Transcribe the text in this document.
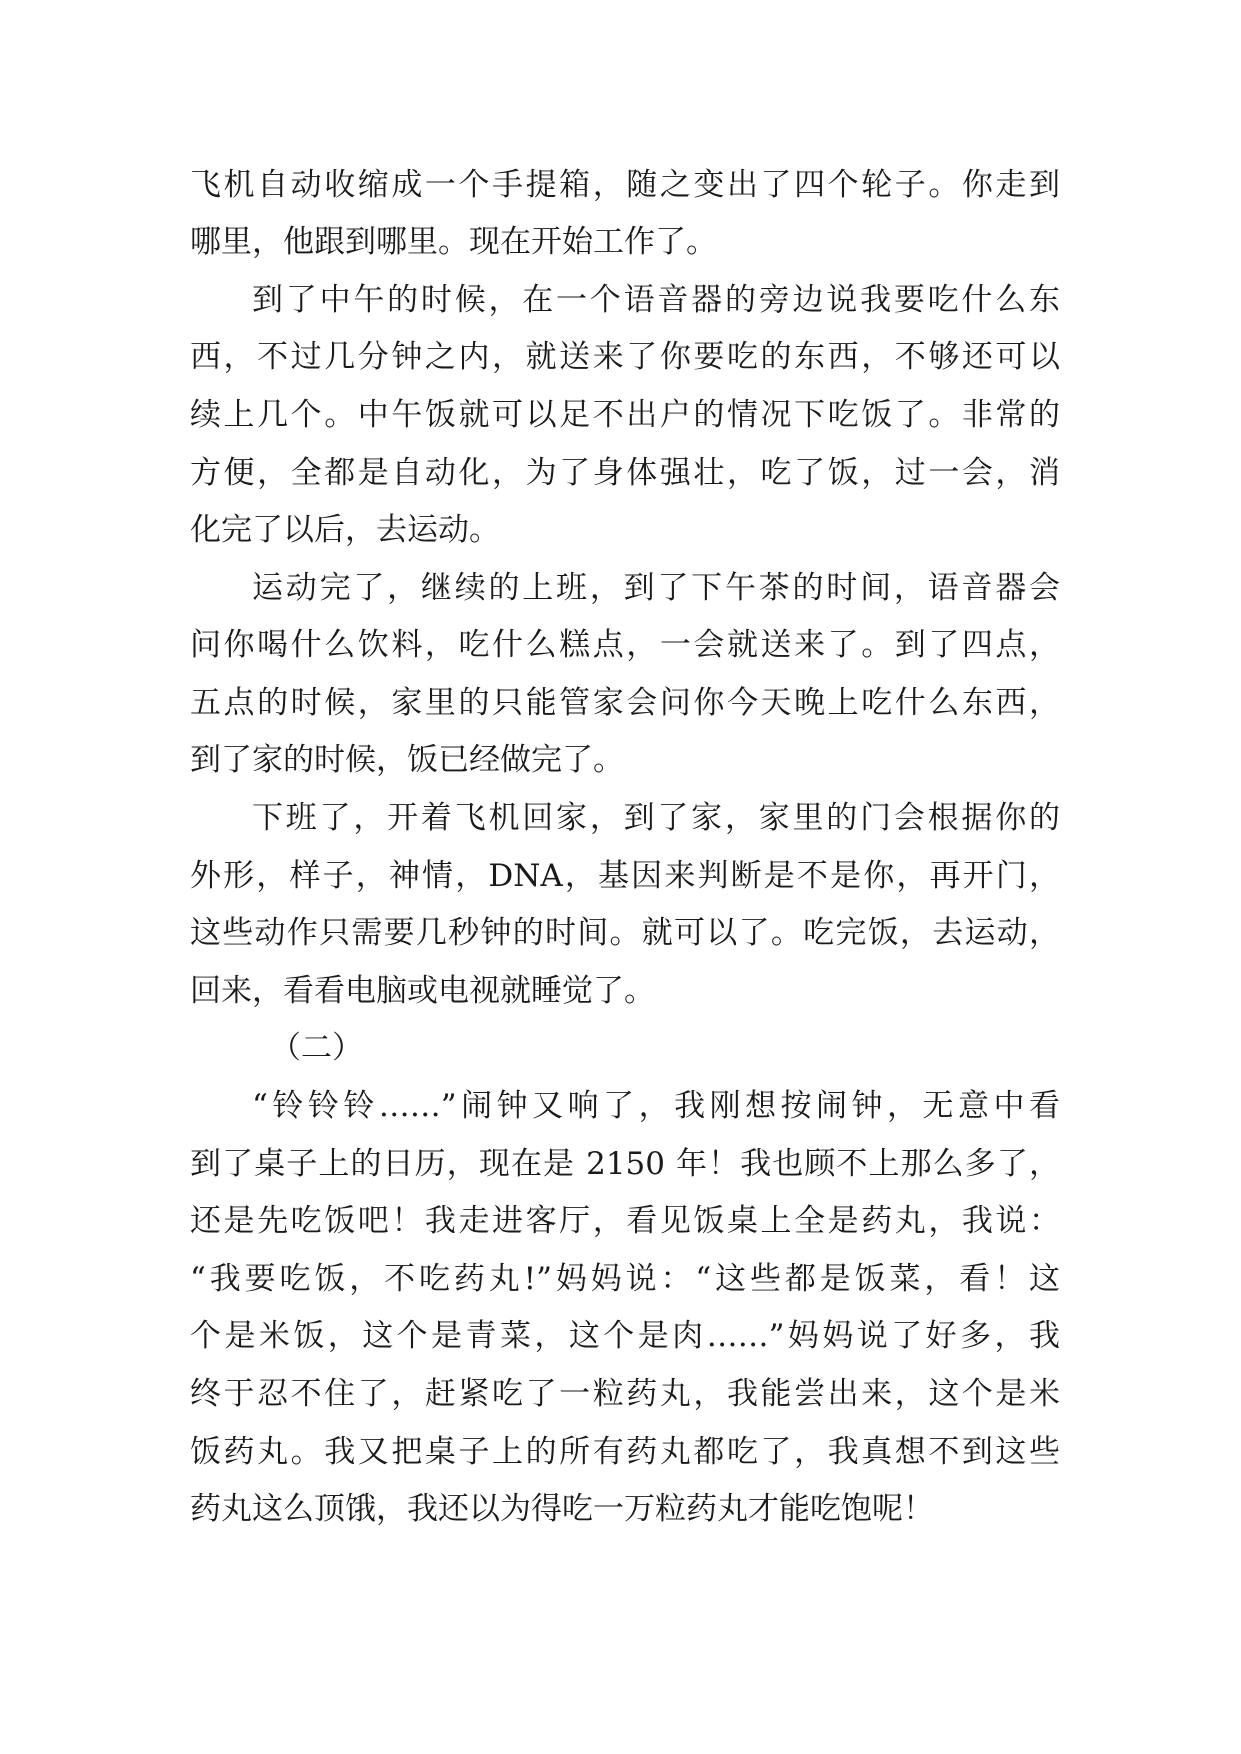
飞机自动收缩成一个手提箱，随之变出了四个轮子。你走到
哪里，他跟到哪里。现在开始工作了。
到了中午的时候，在一个语音器的旁边说我要吃什么东
西，不过几分钟之内，就送来了你要吃的东西，不够还可以
续上几个。中午饭就可以足不出户的情况下吃饭了。非常的
方便，全都是自动化，为了身体强壮，吃了饭，过一会，消
化完了以后，去运动。
运动完了，继续的上班，到了下午茶的时间，语音器会
问你喝什么饮料，吃什么糕点，一会就送来了。到了四点，
五点的时候，家里的只能管家会问你今天晚上吃什么东西，
到了家的时候，饭已经做完了。
下班了，开着飞机回家，到了家，家里的门会根据你的
外形，样子，神情，DNA，基因来判断是不是你，再开门，
这些动作只需要几秒钟的时间。就可以了。吃完饭，去运动，
回来，看看电脑或电视就睡觉了。
（二）
“铃铃铃……”闹钟又响了，我刚想按闹钟，无意中看
到了桌子上的日历，现在是 2150 年！我也顾不上那么多了，
还是先吃饭吧！我走进客厅，看见饭桌上全是药丸，我说：
“我要吃饭，不吃药丸!”妈妈说：“这些都是饭菜，看！这
个是米饭，这个是青菜，这个是肉……”妈妈说了好多，我
终于忍不住了，赶紧吃了一粒药丸，我能尝出来，这个是米
饭药丸。我又把桌子上的所有药丸都吃了，我真想不到这些
药丸这么顶饿，我还以为得吃一万粒药丸才能吃饱呢！
